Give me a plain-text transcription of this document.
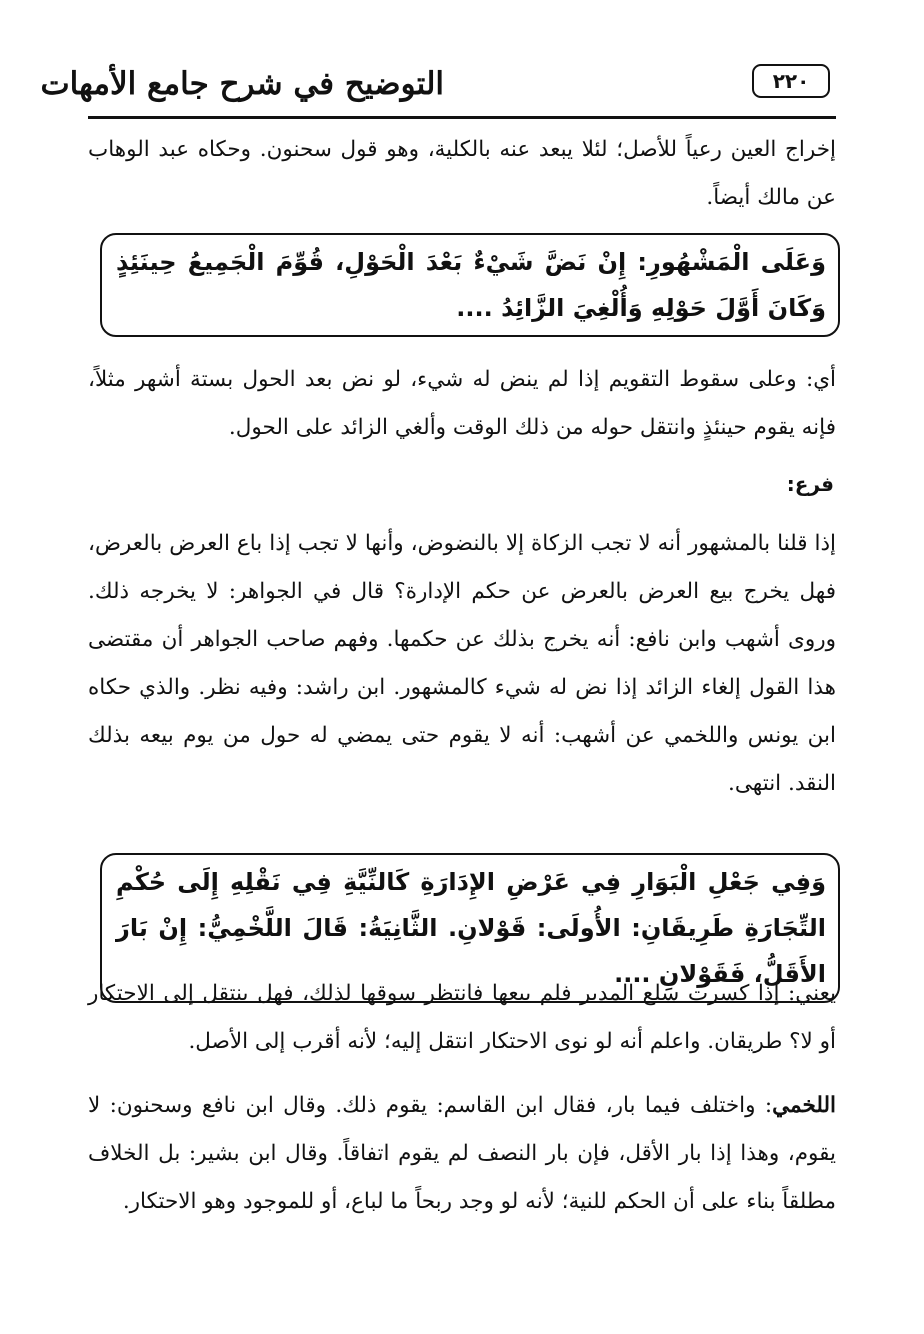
٢٢٠
التوضيح في شرح جامع الأمهات
إخراج العين رعياً للأصل؛ لئلا يبعد عنه بالكلية، وهو قول سحنون. وحكاه عبد الوهاب عن مالك أيضاً.
وَعَلَى الْمَشْهُورِ: إِنْ نَضَّ شَيْءٌ بَعْدَ الْحَوْلِ، قُوِّمَ الْجَمِيعُ حِينَئِذٍ وَكَانَ أَوَّلَ حَوْلِهِ وَأُلْغِيَ الزَّائِدُ ....
أي: وعلى سقوط التقويم إذا لم ينض له شيء، لو نض بعد الحول بستة أشهر مثلاً، فإنه يقوم حينئذٍ وانتقل حوله من ذلك الوقت وألغي الزائد على الحول.
فرع:
إذا قلنا بالمشهور أنه لا تجب الزكاة إلا بالنضوض، وأنها لا تجب إذا باع العرض بالعرض، فهل يخرج بيع العرض بالعرض عن حكم الإدارة؟ قال في الجواهر: لا يخرجه ذلك. وروى أشهب وابن نافع: أنه يخرج بذلك عن حكمها. وفهم صاحب الجواهر أن مقتضى هذا القول إلغاء الزائد إذا نض له شيء كالمشهور. ابن راشد: وفيه نظر. والذي حكاه ابن يونس واللخمي عن أشهب: أنه لا يقوم حتى يمضي له حول من يوم بيعه بذلك النقد. انتهى.
وَفِي جَعْلِ الْبَوَارِ فِي عَرْضِ الإِدَارَةِ كَالنِّيَّةِ فِي نَقْلِهِ إِلَى حُكْمِ التِّجَارَةِ طَرِيقَانِ: الأُولَى: قَوْلانِ. الثَّانِيَةُ: قَالَ اللَّخْمِيُّ: إِنْ بَارَ الأَقَلُّ، فَقَوْلانِ ....
يعني: إذا كسرت سلع المدير فلم يبعها فانتظر سوقها لذلك، فهل ينتقل إلى الاحتكار أو لا؟ طريقان. واعلم أنه لو نوى الاحتكار انتقل إليه؛ لأنه أقرب إلى الأصل.
اللخمي: واختلف فيما بار، فقال ابن القاسم: يقوم ذلك. وقال ابن نافع وسحنون: لا يقوم، وهذا إذا بار الأقل، فإن بار النصف لم يقوم اتفاقاً. وقال ابن بشير: بل الخلاف مطلقاً بناء على أن الحكم للنية؛ لأنه لو وجد ربحاً ما لباع، أو للموجود وهو الاحتكار.
